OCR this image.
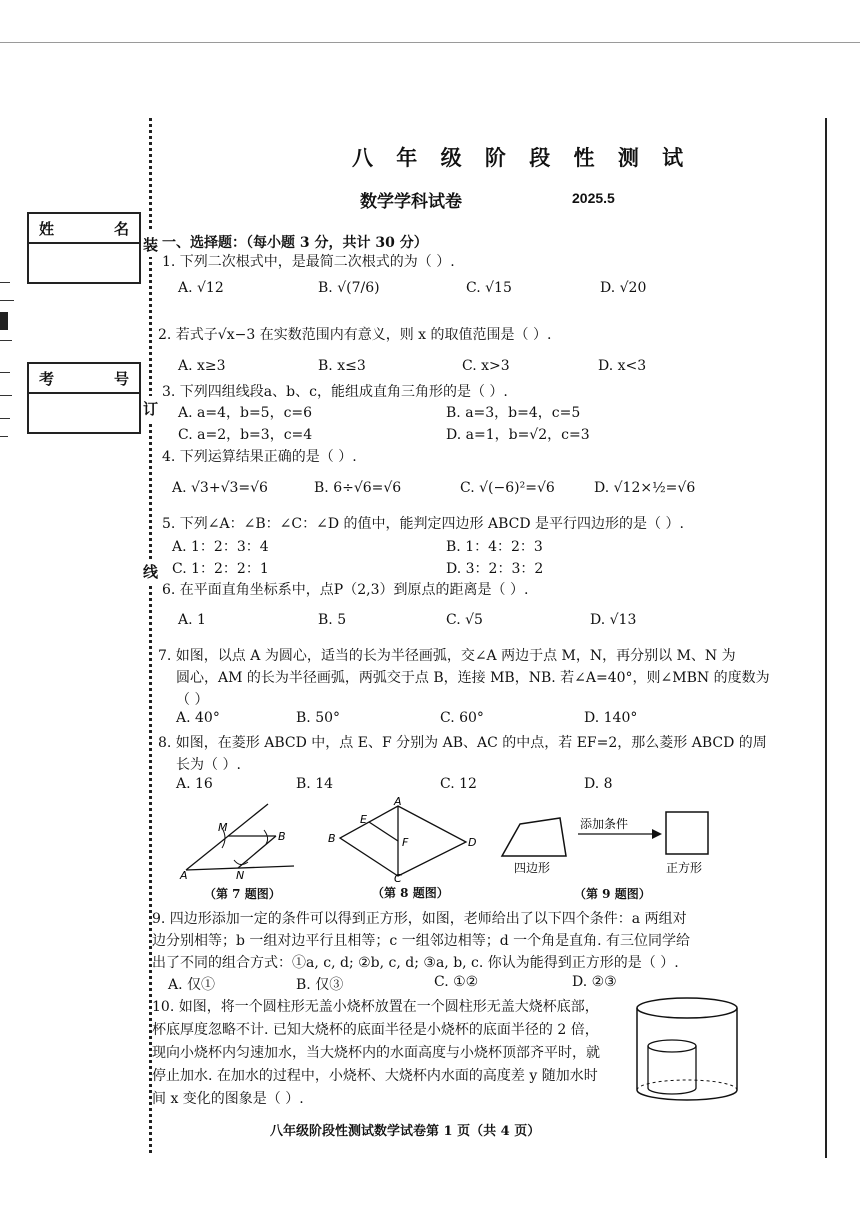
装
订
线
姓	名
考	号
八 年 级 阶 段 性 测 试
数学学科试卷	2025.5
一、选择题：（每小题 3 分，共计 30 分）
1. 下列二次根式中，是最简二次根式的为（ ）.
A. √12	B. √(7/6)	C. √15	D. √20
2. 若式子√x−3 在实数范围内有意义，则 x 的取值范围是（ ）.
A. x≥3	B. x≤3	C. x>3	D. x<3
3. 下列四组线段a、b、c，能组成直角三角形的是（ ）.
A. a=4，b=5，c=6	B. a=3，b=4，c=5
C. a=2，b=3，c=4	D. a=1，b=√2，c=3
4. 下列运算结果正确的是（ ）.
A. √3+√3=√6	B. 6÷√6=√6	C. √(−6)²=√6	D. √12×½=√6
5. 下列∠A：∠B：∠C：∠D 的值中，能判定四边形 ABCD 是平行四边形的是（ ）.
A. 1：2：3：4	B. 1：4：2：3
C. 1：2：2：1	D. 3：2：3：2
6. 在平面直角坐标系中，点P（2,3）到原点的距离是（ ）.
A. 1	B. 5	C. √5	D. √13
7. 如图，以点 A 为圆心，适当的长为半径画弧，交∠A 两边于点 M，N，再分别以 M、N 为
圆心，AM 的长为半径画弧，两弧交于点 B，连接 MB，NB. 若∠A=40°，则∠MBN 的度数为
（ ）
A. 40°	B. 50°	C. 60°	D. 140°
8. 如图，在菱形 ABCD 中，点 E、F 分别为 AB、AC 的中点，若 EF=2，那么菱形 ABCD 的周
长为（ ）.
A. 16	B. 14	C. 12	D. 8
M
B
A	N
（第 7 题图）
A
E
B	F	D
C
（第 8 题图）
添加条件
四边形	正方形
（第 9 题图）
9. 四边形添加一定的条件可以得到正方形，如图，老师给出了以下四个条件：a 两组对
边分别相等；b 一组对边平行且相等；c 一组邻边相等；d 一个角是直角. 有三位同学给
出了不同的组合方式：①a, c, d; ②b, c, d; ③a, b, c. 你认为能得到正方形的是（ ）.
A. 仅①	B. 仅③	C. ①②	D. ②③
10. 如图，将一个圆柱形无盖小烧杯放置在一个圆柱形无盖大烧杯底部，
杯底厚度忽略不计. 已知大烧杯的底面半径是小烧杯的底面半径的 2 倍，
现向小烧杯内匀速加水，当大烧杯内的水面高度与小烧杯顶部齐平时，就
停止加水. 在加水的过程中，小烧杯、大烧杯内水面的高度差 y 随加水时
间 x 变化的图象是（ ）.
八年级阶段性测试数学试卷第 1 页（共 4 页）
